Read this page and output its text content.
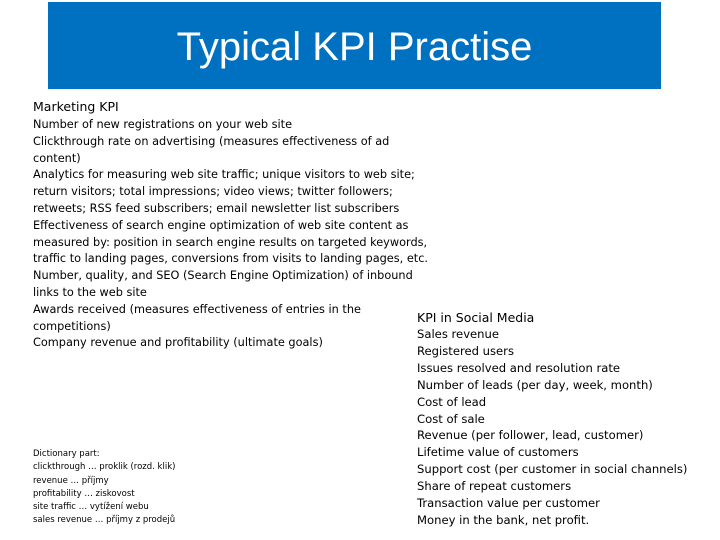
Typical KPI Practise
Marketing KPI
Number of new registrations on your web site
Clickthrough rate on advertising (measures effectiveness of ad
content)
Analytics for measuring web site traffic; unique visitors to web site;
return visitors; total impressions; video views; twitter followers;
retweets; RSS feed subscribers; email newsletter list subscribers
Effectiveness of search engine optimization of web site content as
measured by: position in search engine results on targeted keywords,
traffic to landing pages, conversions from visits to landing pages, etc.
Number, quality, and SEO (Search Engine Optimization) of inbound
links to the web site
Awards received (measures effectiveness of entries in the
competitions)
Company revenue and profitability (ultimate goals)
Dictionary part:
clickthrough … proklik (rozd. klik)
revenue … příjmy
profitability … ziskovost
site traffic … vytížení webu
sales revenue … příjmy z prodejů
KPI in Social Media
Sales revenue
Registered users
Issues resolved and resolution rate
Number of leads (per day, week, month)
Cost of lead
Cost of sale
Revenue (per follower, lead, customer)
Lifetime value of customers
Support cost (per customer in social channels)
Share of repeat customers
Transaction value per customer
Money in the bank, net profit.
